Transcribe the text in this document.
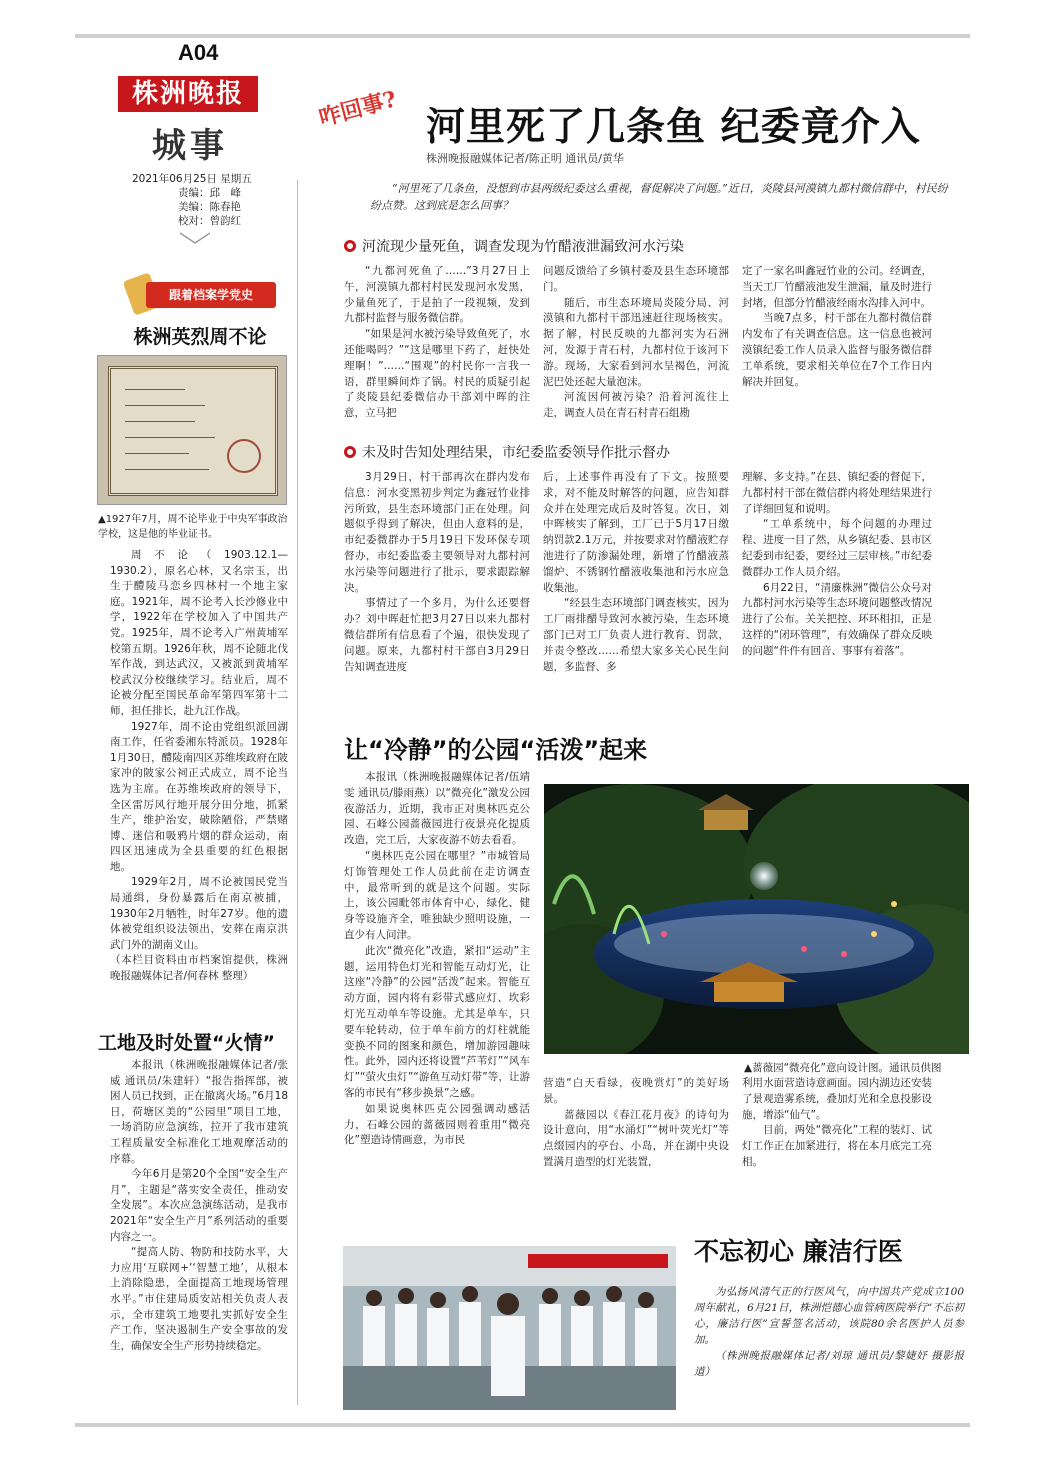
A04
株洲晚报
城事
2021年06月25日 星期五

责编：邱　峰
美编：陈春艳
校对：曾韵红
跟着档案学党史
株洲英烈周不论
▲1927年7月，周不论毕业于中央军事政治学校，这是他的毕业证书。

周不论（1903.12.1—1930.2），原名心林，又名宗玉，出生于醴陵马恋乡四林村一个地主家庭。1921年，周不论考入长沙修业中学，1922年在学校加入了中国共产党。1925年，周不论考入广州黄埔军校第五期。1926年秋，周不论随北伐军作战，到达武汉，又被派到黄埔军校武汉分校继续学习。结业后，周不论被分配至国民革命军第四军第十二师，担任排长，赴九江作战。

1927年，周不论由党组织派回湖南工作，任省委湘东特派员。1928年1月30日，醴陵南四区苏维埃政府在陂家冲的陂家公祠正式成立，周不论当选为主席。在苏维埃政府的领导下，全区雷厉风行地开展分田分地，抓紧生产，维护治安，破除陋俗，严禁赌博、迷信和吸鸦片烟的群众运动，南四区迅速成为全县重要的红色根据地。

1929年2月，周不论被国民党当局通缉，身份暴露后在南京被捕，1930年2月牺牲，时年27岁。他的遗体被党组织设法领出，安葬在南京洪武门外的湖南义山。

（本栏目资料由市档案馆提供，株洲晚报融媒体记者/何春林 整理）

工地及时处置“火情”

本报讯（株洲晚报融媒体记者/张威 通讯员/朱建轩）“报告指挥部，被困人员已找到，正在撤离火场。”6月18日，荷塘区美的“公园里”项目工地，一场消防应急演练，拉开了我市建筑工程质量安全标准化工地观摩活动的序幕。

今年6月是第20个全国“安全生产月”，主题是“落实安全责任，推动安全发展”。本次应急演练活动，是我市2021年“安全生产月”系列活动的重要内容之一。

“提高人防、物防和技防水平，大力应用‘互联网+’‘智慧工地’，从根本上消除隐患，全面提高工地现场管理水平。”市住建局质安站相关负责人表示，全市建筑工地要扎实抓好安全生产工作，坚决遏制生产安全事故的发生，确保安全生产形势持续稳定。

咋回事? 河里死了几条鱼 纪委竟介入
株洲晚报融媒体记者/陈正明 通讯员/黄华
“河里死了几条鱼，没想到市县两级纪委这么重视，督促解决了问题。”近日，炎陵县河漠镇九都村微信群中，村民纷纷点赞。这到底是怎么回事？
河流现少量死鱼，调查发现为竹醋液泄漏致河水污染

“九都河死鱼了……”3月27日上午，河漠镇九都村村民发现河水发黑，少量鱼死了，于是拍了一段视频，发到九都村监督与服务微信群。

“如果是河水被污染导致鱼死了，水还能喝吗？”“这是哪里下药了，赶快处理啊！”……“围观”的村民你一言我一语，群里瞬间炸了锅。村民的质疑引起了炎陵县纪委微信办干部刘中晖的注意，立马把

问题反馈给了乡镇村委及县生态环境部门。

随后，市生态环境局炎陵分局、河漠镇和九都村干部迅速赶往现场核实。据了解，村民反映的九都河实为石洲河，发源于青石村，九都村位于该河下游。现场，大家看到河水呈褐色，河流泥巴处还起大量泡沫。

河流因何被污染？沿着河流往上走，调查人员在青石村青石组勘

定了一家名叫鑫冠竹业的公司。经调查，当天工厂竹醋液池发生泄漏，量及时进行封堵，但部分竹醋液经雨水沟排入河中。

当晚7点多，村干部在九都村微信群内发布了有关调查信息。这一信息也被河漠镇纪委工作人员录入监督与服务微信群工单系统，要求相关单位在7个工作日内解决并回复。

未及时告知处理结果，市纪委监委领导作批示督办

3月29日，村干部再次在群内发布信息：河水变黑初步判定为鑫冠竹业排污所致，县生态环境部门正在处理。问题似乎得到了解决，但由人意料的是，市纪委微群办于5月19日下发环保专项督办，市纪委监委主要领导对九都村河水污染等问题进行了批示，要求跟踪解决。

事情过了一个多月，为什么还要督办？刘中晖赶忙把3月27日以来九都村微信群所有信息看了个遍，很快发现了问题。原来，九都村村干部自3月29日告知调查进度

后，上述事件再没有了下文。按照要求，对不能及时解答的问题，应告知群众并在处理完成后及时答复。次日，刘中晖核实了解到，工厂已于5月17日缴纳罚款2.1万元，并按要求对竹醋液贮存池进行了防渗漏处理，新增了竹醋液蒸馏炉、不锈钢竹醋液收集池和污水应急收集池。

“经县生态环境部门调查核实，因为工厂雨排醋导致河水被污染，生态环境部门已对工厂负责人进行教育、罚款，并责令整改……希望大家多关心民生问题，多监督、多

理解、多支持。”在县、镇纪委的督促下，九都村村干部在微信群内将处理结果进行了详细回复和说明。

“工单系统中，每个问题的办理过程、进度一目了然，从乡镇纪委、县市区纪委到市纪委，要经过三层审核。”市纪委微群办工作人员介绍。

6月22日，“清廉株洲”微信公众号对九都村河水污染等生态环境问题整改情况进行了公布。关关把控、环环相扣，正是这样的“闭环管理”，有效确保了群众反映的问题“件件有回音、事事有着落”。

让“冷静”的公园“活泼”起来

本报讯（株洲晚报融媒体记者/伍靖雯 通讯员/滕雨燕）以“微亮化”激发公园夜游活力，近期，我市正对奥林匹克公园、石峰公园蔷薇园进行夜景亮化提质改造，完工后，大家夜游不妨去看看。

“奥林匹克公园在哪里？”市城管局灯饰管理处工作人员此前在走访调查中，最常听到的就是这个问题。实际上，该公园毗邻市体育中心，绿化、健身等设施齐全，唯独缺少照明设施，一直少有人问津。

此次“微亮化”改造，紧扣“运动”主题，运用特色灯光和智能互动灯光，让这座“冷静”的公园“活泼”起来。智能互动方面，园内将有彩带式感应灯、坎彩灯光互动单车等设施。尤其是单车，只要车轮转动，位于单车前方的灯柱就能变换不同的图案和颜色，增加游园趣味性。此外，园内还将设置“芦苇灯”“风车灯”“萤火虫灯”“游鱼互动灯带”等，让游客的市民有“移步换景”之感。

如果说奥林匹克公园强调动感活力，石峰公园的蔷薇园则着重用“微亮化”塑造诗情画意，为市民

▲蔷薇园“微亮化”意向设计图。通讯员供图

营造“白天看绿，夜晚赏灯”的美好场景。

蔷薇园以《春江花月夜》的诗句为设计意向，用“水涌灯”“树叶荧光灯”等点缀园内的亭台、小岛，并在湖中央设置满月造型的灯光装置，

利用水面营造诗意画面。园内湖边还安装了景观造雾系统，叠加灯光和全息投影设施，增添“仙气”。

目前，两处“微亮化”工程的装灯、试灯工作正在加紧进行，将在本月底完工亮相。

不忘初心 廉洁行医

为弘扬风清气正的行医风气，向中国共产党成立100周年献礼，6月21日，株洲恺德心血管病医院举行“不忘初心，廉洁行医”宣誓签名活动，该院80余名医护人员参加。

（株洲晚报融媒体记者/刘琼 通讯员/黎婕妤 摄影报道）
